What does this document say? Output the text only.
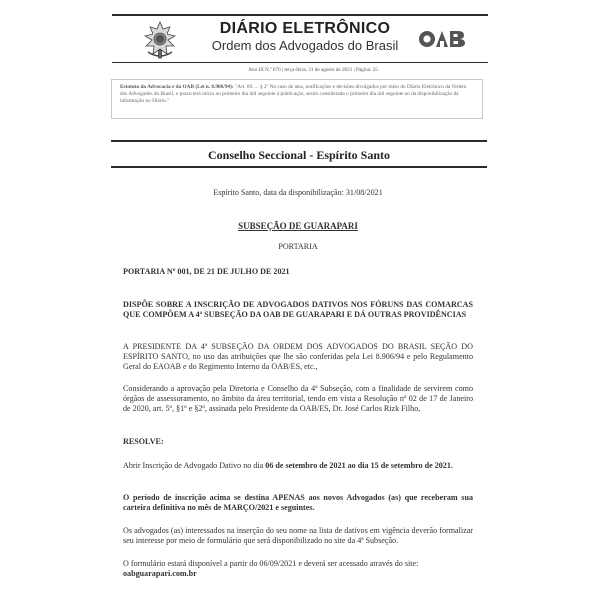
DIÁRIO ELETRÔNICO
Ordem dos Advogados do Brasil
Ano III N.º 676 | terça-feira, 31 de agosto de 2021 | Página: 25
Estatuto da Advocacia e da OAB (Lei n. 8.906/94): "Art. 69. ... § 2º No caso de atos, notificações e decisões divulgados por meio do Diário Eletrônico da Ordem dos Advogados do Brasil, o prazo terá início no primeiro dia útil seguinte à publicação, assim considerada o primeiro dia útil seguinte ao da disponibilização da informação no Diário."
Conselho Seccional - Espírito Santo
Espírito Santo, data da disponibilização: 31/08/2021
SUBSEÇÃO DE GUARAPARI
PORTARIA
PORTARIA Nº 001, DE 21 DE JULHO DE 2021
DISPÕE SOBRE A INSCRIÇÃO DE ADVOGADOS DATIVOS NOS FÓRUNS DAS COMARCAS QUE COMPÕEM A 4ª SUBSEÇÃO DA OAB DE GUARAPARI E DÁ OUTRAS PROVIDÊNCIAS
A PRESIDENTE DA 4ª SUBSEÇÃO DA ORDEM DOS ADVOGADOS DO BRASIL SEÇÃO DO ESPÍRITO SANTO, no uso das atribuições que lhe são conferidas pela Lei 8.906/94 e pelo Regulamento Geral do EAOAB e do Regimento Interno da OAB/ES, etc.,
Considerando a aprovação pela Diretoria e Conselho da 4ª Subseção, com a finalidade de servirem como órgãos de assessoramento, no âmbito da área territorial, tendo em vista a Resolução nº 02 de 17 de Janeiro de 2020, art. 5º, §1º e §2º, assinada pelo Presidente da OAB/ES, Dr. José Carlos Rizk Filho,
RESOLVE:
Abrir Inscrição de Advogado Dativo no dia 06 de setembro de 2021 ao dia 15 de setembro de 2021.
O período de inscrição acima se destina APENAS aos novos Advogados (as) que receberam sua carteira definitiva no mês de MARÇO/2021 e seguintes.
Os advogados (as) interessados na inserção do seu nome na lista de dativos em vigência deverão formalizar seu interesse por meio de formulário que será disponibilizado no site da 4ª Subseção.
O formulário estará disponível a partir do 06/09/2021 e deverá ser acessado através do site:
oabguarapari.com.br
